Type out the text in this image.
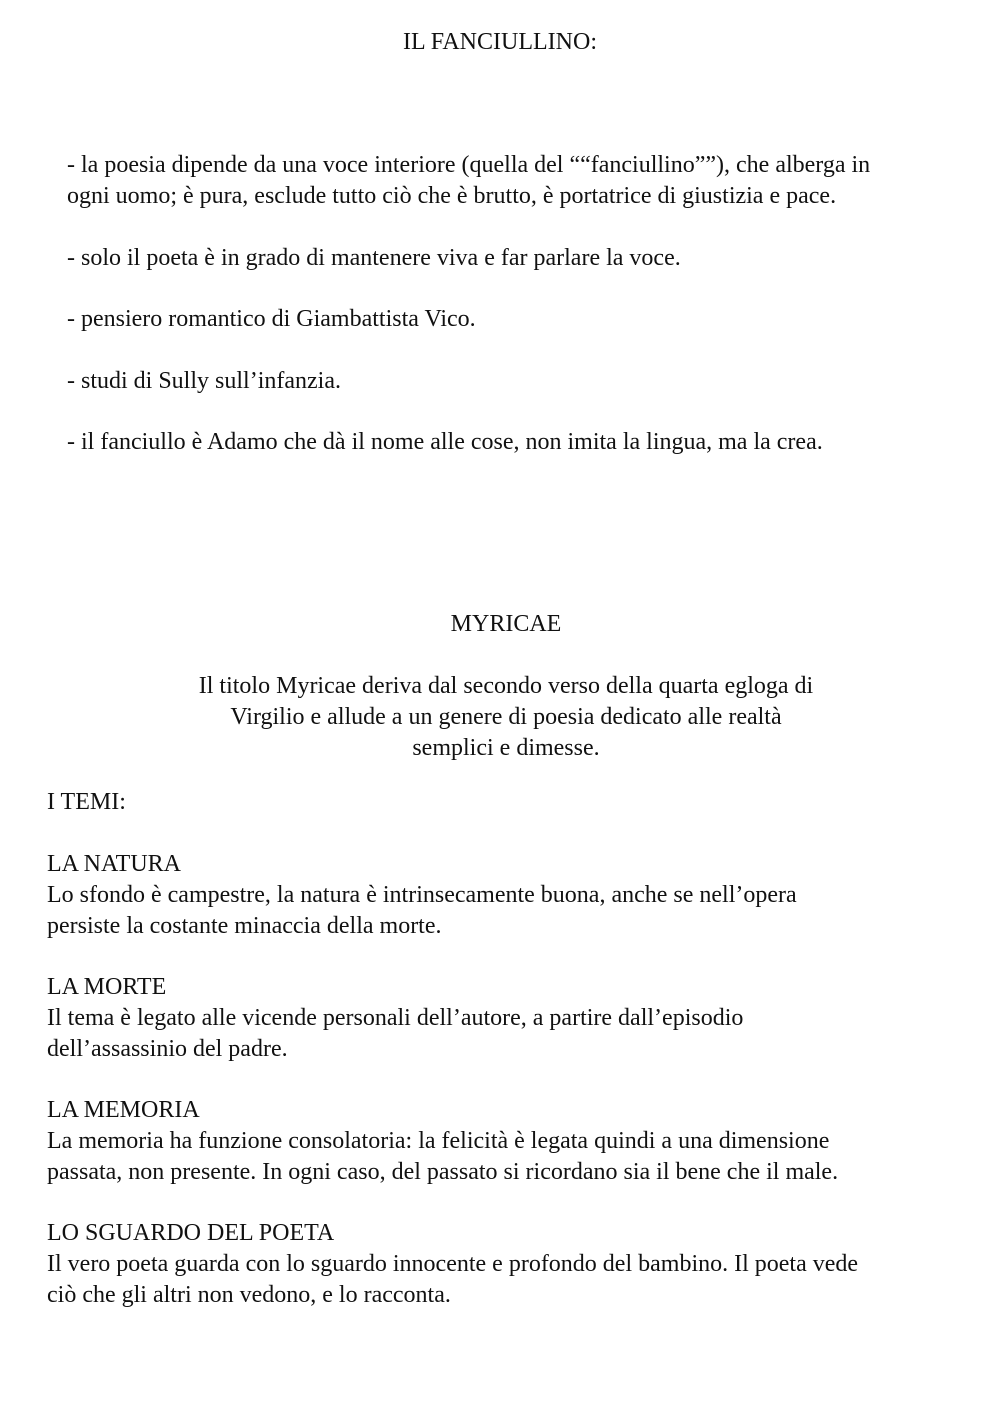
IL FANCIULLINO:
- la poesia dipende da una voce interiore (quella del ““fanciullino””), che alberga in
ogni uomo; è pura, esclude tutto ciò che è brutto, è portatrice di giustizia e pace.
- solo il poeta è in grado di mantenere viva e far parlare la voce.
- pensiero romantico di Giambattista Vico.
- studi di Sully sull’infanzia.
- il fanciullo è Adamo che dà il nome alle cose, non imita la lingua, ma la crea.
MYRICAE
Il titolo Myricae deriva dal secondo verso della quarta egloga di
Virgilio e allude a un genere di poesia dedicato alle realtà
semplici e dimesse.
I TEMI:
LA NATURA
Lo sfondo è campestre, la natura è intrinsecamente buona, anche se nell’opera
persiste la costante minaccia della morte.
LA MORTE
Il tema è legato alle vicende personali dell’autore, a partire dall’episodio
dell’assassinio del padre.
LA MEMORIA
La memoria ha funzione consolatoria: la felicità è legata quindi a una dimensione
passata, non presente. In ogni caso, del passato si ricordano sia il bene che il male.
LO SGUARDO DEL POETA
Il vero poeta guarda con lo sguardo innocente e profondo del bambino. Il poeta vede
ciò che gli altri non vedono, e lo racconta.
